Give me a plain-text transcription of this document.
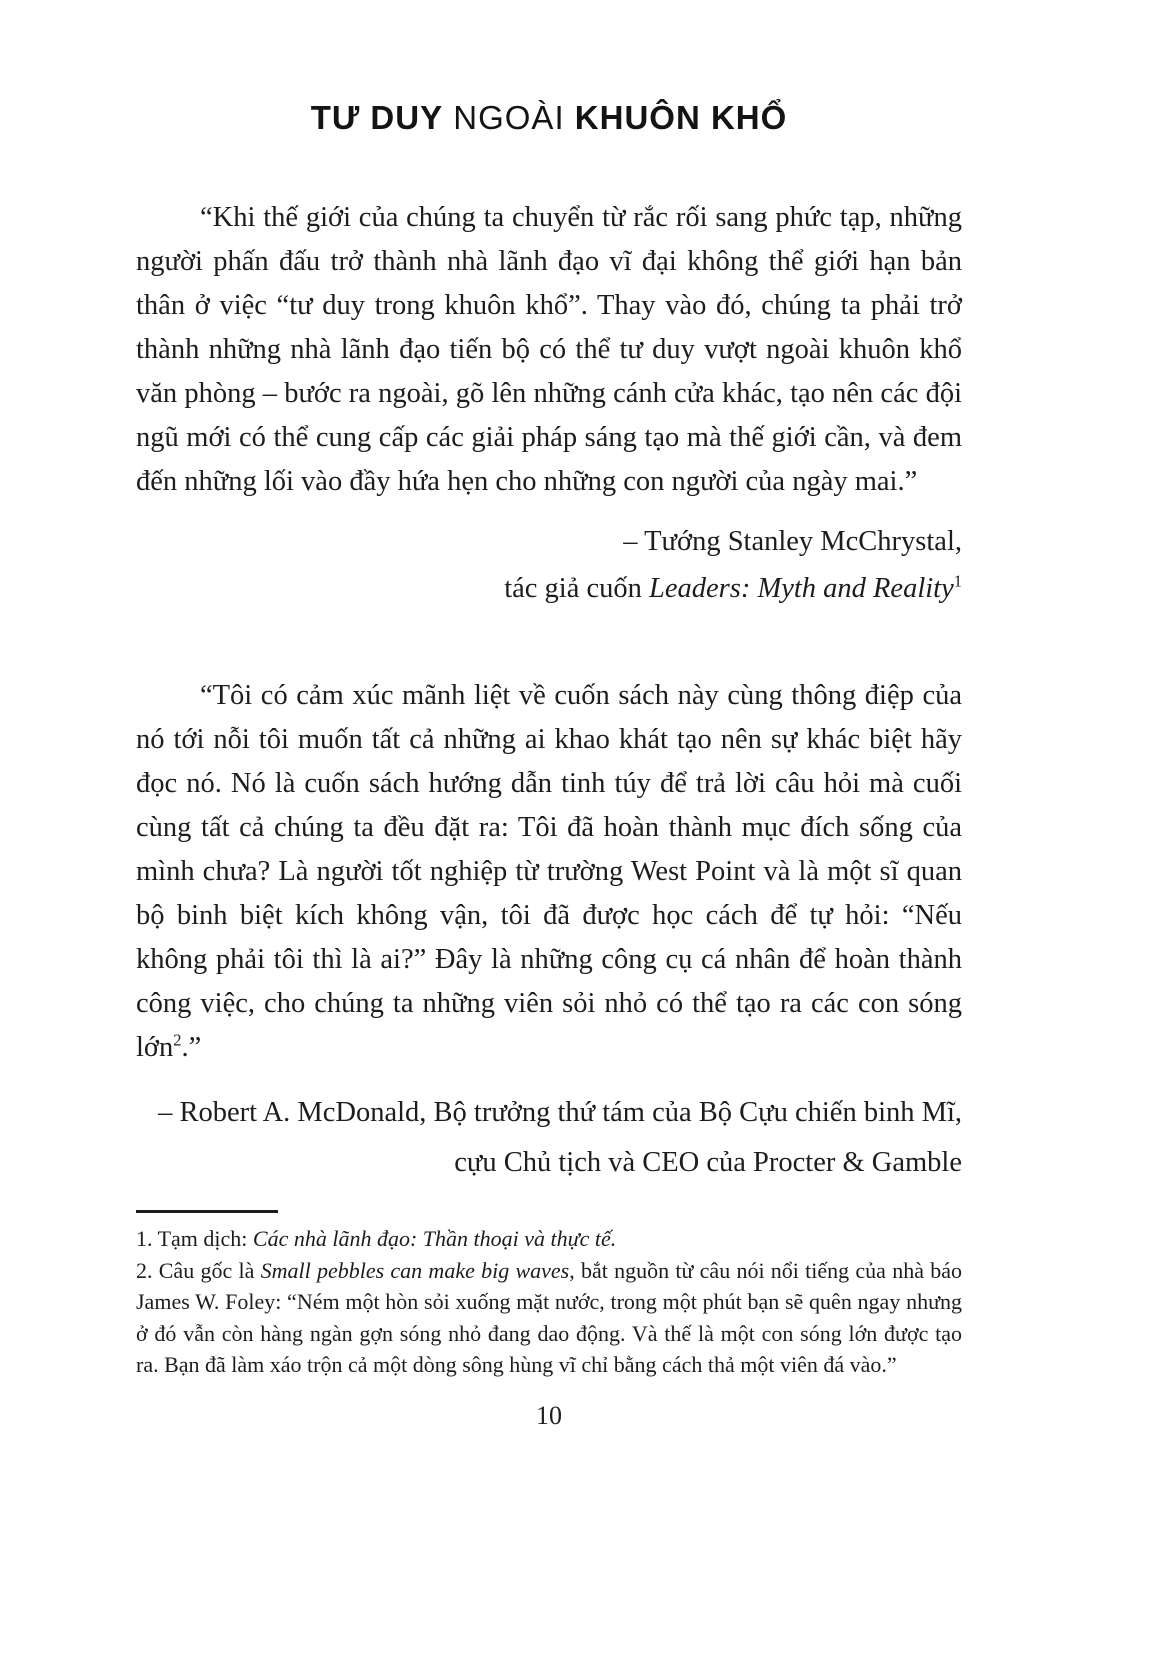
TƯ DUY NGOÀI KHUÔN KHỔ

“Khi thế giới của chúng ta chuyển từ rắc rối sang phức tạp, những người phấn đấu trở thành nhà lãnh đạo vĩ đại không thể giới hạn bản thân ở việc “tư duy trong khuôn khổ”. Thay vào đó, chúng ta phải trở thành những nhà lãnh đạo tiến bộ có thể tư duy vượt ngoài khuôn khổ văn phòng – bước ra ngoài, gõ lên những cánh cửa khác, tạo nên các đội ngũ mới có thể cung cấp các giải pháp sáng tạo mà thế giới cần, và đem đến những lối vào đầy hứa hẹn cho những con người của ngày mai.”

– Tướng Stanley McChrystal,
tác giả cuốn Leaders: Myth and Reality$^1$

“Tôi có cảm xúc mãnh liệt về cuốn sách này cùng thông điệp của nó tới nỗi tôi muốn tất cả những ai khao khát tạo nên sự khác biệt hãy đọc nó. Nó là cuốn sách hướng dẫn tinh túy để trả lời câu hỏi mà cuối cùng tất cả chúng ta đều đặt ra: Tôi đã hoàn thành mục đích sống của mình chưa? Là người tốt nghiệp từ trường West Point và là một sĩ quan bộ binh biệt kích không vận, tôi đã được học cách để tự hỏi: “Nếu không phải tôi thì là ai?” Đây là những công cụ cá nhân để hoàn thành công việc, cho chúng ta những viên sỏi nhỏ có thể tạo ra các con sóng lớn$^2$.”

– Robert A. McDonald, Bộ trưởng thứ tám của Bộ Cựu chiến binh Mĩ, cựu Chủ tịch và CEO của Procter & Gamble

1. Tạm dịch: Các nhà lãnh đạo: Thần thoại và thực tế.

2. Câu gốc là Small pebbles can make big waves, bắt nguồn từ câu nói nổi tiếng của nhà báo James W. Foley: “Ném một hòn sỏi xuống mặt nước, trong một phút bạn sẽ quên ngay nhưng ở đó vẫn còn hàng ngàn gợn sóng nhỏ đang dao động. Và thế là một con sóng lớn được tạo ra. Bạn đã làm xáo trộn cả một dòng sông hùng vĩ chỉ bằng cách thả một viên đá vào.”

10
